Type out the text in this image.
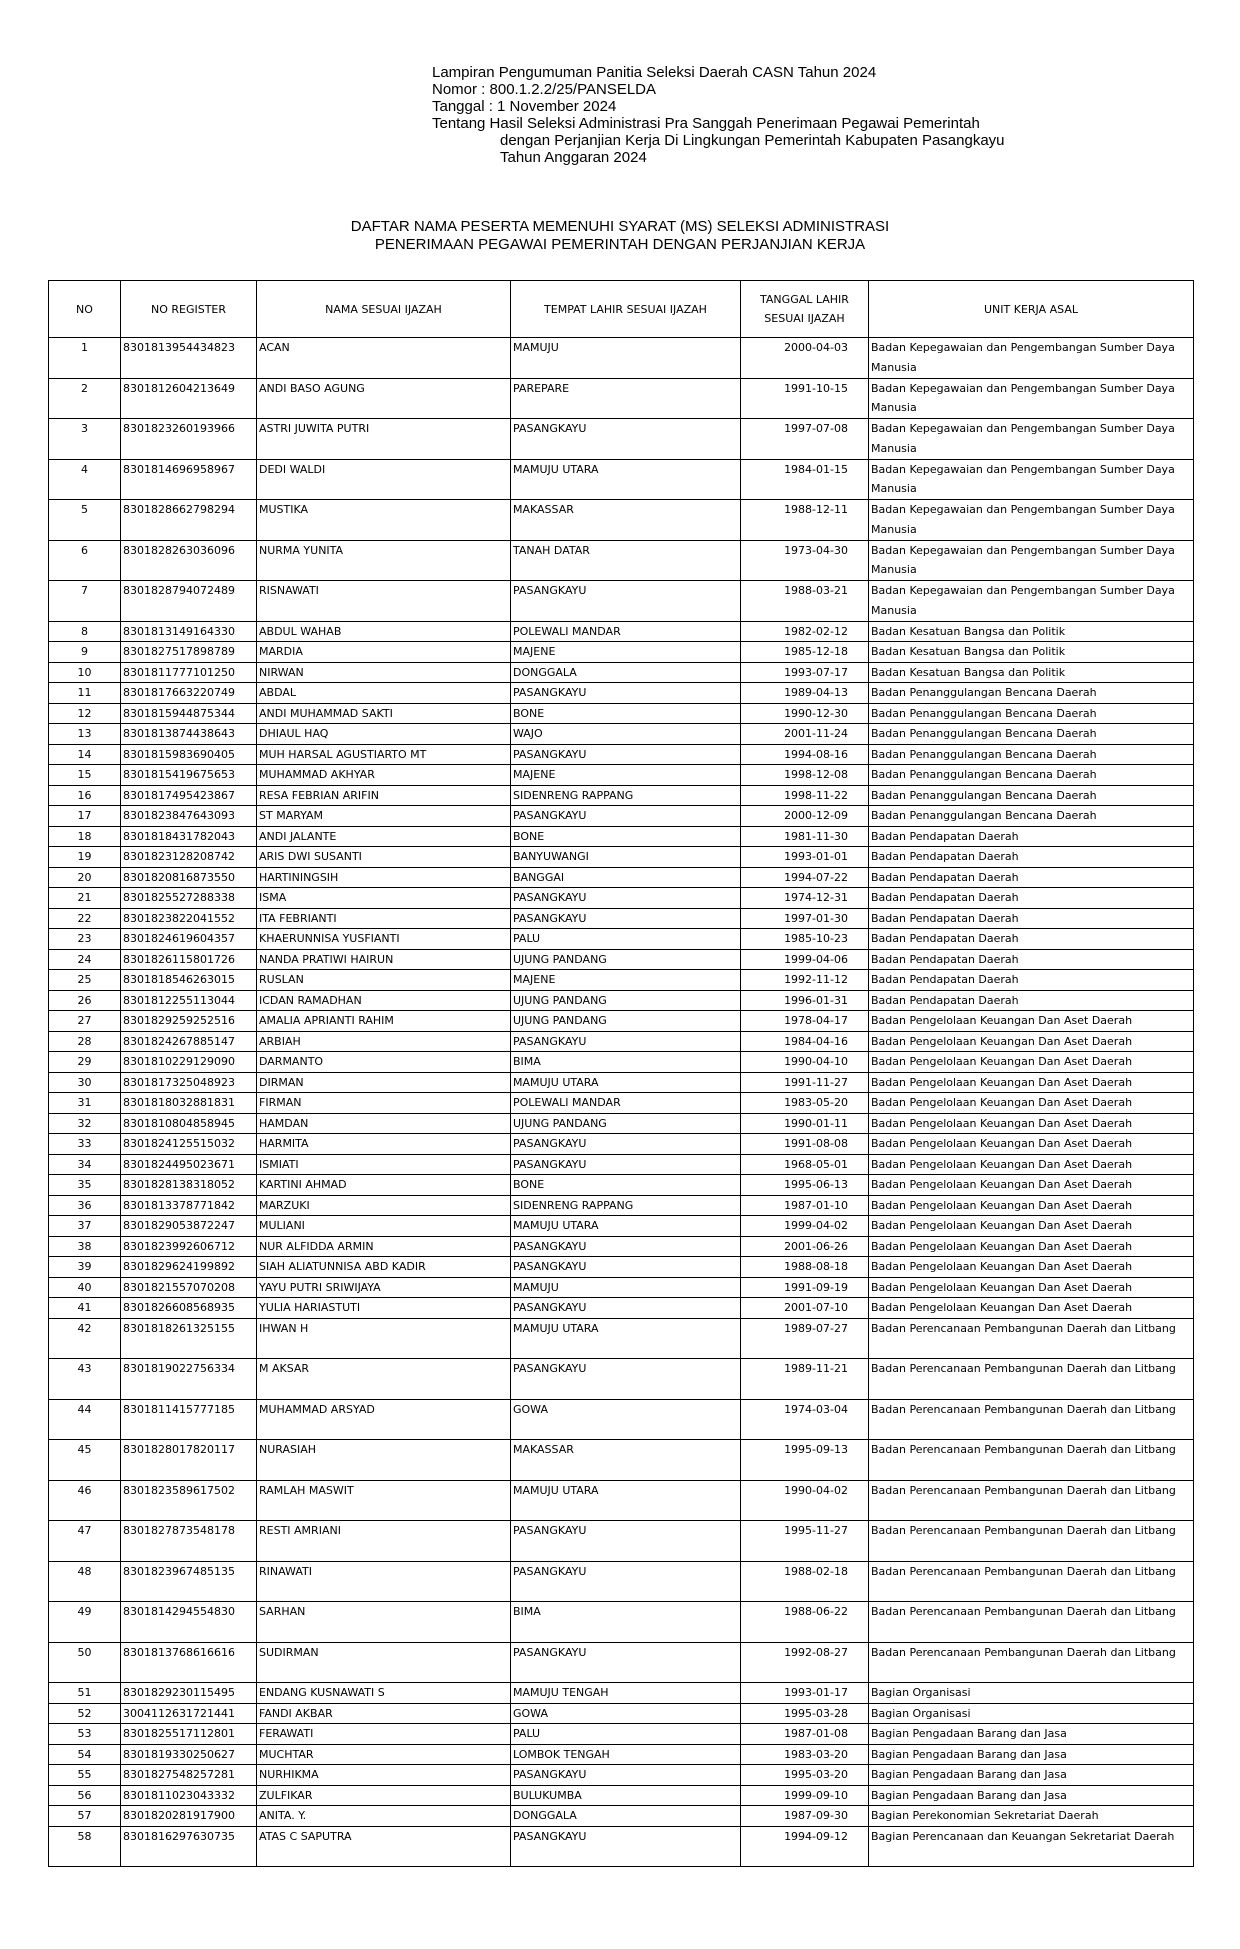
Lampiran Pengumuman Panitia Seleksi Daerah CASN Tahun 2024
Nomor : 800.1.2.2/25/PANSELDA
Tanggal : 1 November 2024
Tentang Hasil Seleksi Administrasi Pra Sanggah Penerimaan Pegawai Pemerintah
dengan Perjanjian Kerja Di Lingkungan Pemerintah Kabupaten Pasangkayu
Tahun Anggaran 2024
DAFTAR NAMA PESERTA MEMENUHI SYARAT (MS) SELEKSI ADMINISTRASI
PENERIMAAN PEGAWAI PEMERINTAH DENGAN PERJANJIAN KERJA
NO	NO REGISTER	NAMA SESUAI IJAZAH	TEMPAT LAHIR SESUAI IJAZAH	TANGGAL LAHIR SESUAI IJAZAH	UNIT KERJA ASAL
1	8301813954434823	ACAN	MAMUJU	2000-04-03	Badan Kepegawaian dan Pengembangan Sumber Daya Manusia
2	8301812604213649	ANDI BASO AGUNG	PAREPARE	1991-10-15	Badan Kepegawaian dan Pengembangan Sumber Daya Manusia
3	8301823260193966	ASTRI JUWITA PUTRI	PASANGKAYU	1997-07-08	Badan Kepegawaian dan Pengembangan Sumber Daya Manusia
4	8301814696958967	DEDI WALDI	MAMUJU UTARA	1984-01-15	Badan Kepegawaian dan Pengembangan Sumber Daya Manusia
5	8301828662798294	MUSTIKA	MAKASSAR	1988-12-11	Badan Kepegawaian dan Pengembangan Sumber Daya Manusia
6	8301828263036096	NURMA YUNITA	TANAH DATAR	1973-04-30	Badan Kepegawaian dan Pengembangan Sumber Daya Manusia
7	8301828794072489	RISNAWATI	PASANGKAYU	1988-03-21	Badan Kepegawaian dan Pengembangan Sumber Daya Manusia
8	8301813149164330	ABDUL WAHAB	POLEWALI MANDAR	1982-02-12	Badan Kesatuan Bangsa dan Politik
9	8301827517898789	MARDIA	MAJENE	1985-12-18	Badan Kesatuan Bangsa dan Politik
10	8301811777101250	NIRWAN	DONGGALA	1993-07-17	Badan Kesatuan Bangsa dan Politik
11	8301817663220749	ABDAL	PASANGKAYU	1989-04-13	Badan Penanggulangan Bencana Daerah
12	8301815944875344	ANDI MUHAMMAD SAKTI	BONE	1990-12-30	Badan Penanggulangan Bencana Daerah
13	8301813874438643	DHIAUL HAQ	WAJO	2001-11-24	Badan Penanggulangan Bencana Daerah
14	8301815983690405	MUH HARSAL AGUSTIARTO MT	PASANGKAYU	1994-08-16	Badan Penanggulangan Bencana Daerah
15	8301815419675653	MUHAMMAD AKHYAR	MAJENE	1998-12-08	Badan Penanggulangan Bencana Daerah
16	8301817495423867	RESA FEBRIAN ARIFIN	SIDENRENG RAPPANG	1998-11-22	Badan Penanggulangan Bencana Daerah
17	8301823847643093	ST MARYAM	PASANGKAYU	2000-12-09	Badan Penanggulangan Bencana Daerah
18	8301818431782043	ANDI JALANTE	BONE	1981-11-30	Badan Pendapatan Daerah
19	8301823128208742	ARIS DWI SUSANTI	BANYUWANGI	1993-01-01	Badan Pendapatan Daerah
20	8301820816873550	HARTININGSIH	BANGGAI	1994-07-22	Badan Pendapatan Daerah
21	8301825527288338	ISMA	PASANGKAYU	1974-12-31	Badan Pendapatan Daerah
22	8301823822041552	ITA FEBRIANTI	PASANGKAYU	1997-01-30	Badan Pendapatan Daerah
23	8301824619604357	KHAERUNNISA YUSFIANTI	PALU	1985-10-23	Badan Pendapatan Daerah
24	8301826115801726	NANDA PRATIWI HAIRUN	UJUNG PANDANG	1999-04-06	Badan Pendapatan Daerah
25	8301818546263015	RUSLAN	MAJENE	1992-11-12	Badan Pendapatan Daerah
26	8301812255113044	ICDAN RAMADHAN	UJUNG PANDANG	1996-01-31	Badan Pendapatan Daerah
27	8301829259252516	AMALIA APRIANTI RAHIM	UJUNG PANDANG	1978-04-17	Badan Pengelolaan Keuangan Dan Aset Daerah
28	8301824267885147	ARBIAH	PASANGKAYU	1984-04-16	Badan Pengelolaan Keuangan Dan Aset Daerah
29	8301810229129090	DARMANTO	BIMA	1990-04-10	Badan Pengelolaan Keuangan Dan Aset Daerah
30	8301817325048923	DIRMAN	MAMUJU UTARA	1991-11-27	Badan Pengelolaan Keuangan Dan Aset Daerah
31	8301818032881831	FIRMAN	POLEWALI MANDAR	1983-05-20	Badan Pengelolaan Keuangan Dan Aset Daerah
32	8301810804858945	HAMDAN	UJUNG PANDANG	1990-01-11	Badan Pengelolaan Keuangan Dan Aset Daerah
33	8301824125515032	HARMITA	PASANGKAYU	1991-08-08	Badan Pengelolaan Keuangan Dan Aset Daerah
34	8301824495023671	ISMIATI	PASANGKAYU	1968-05-01	Badan Pengelolaan Keuangan Dan Aset Daerah
35	8301828138318052	KARTINI AHMAD	BONE	1995-06-13	Badan Pengelolaan Keuangan Dan Aset Daerah
36	8301813378771842	MARZUKI	SIDENRENG RAPPANG	1987-01-10	Badan Pengelolaan Keuangan Dan Aset Daerah
37	8301829053872247	MULIANI	MAMUJU UTARA	1999-04-02	Badan Pengelolaan Keuangan Dan Aset Daerah
38	8301823992606712	NUR ALFIDDA ARMIN	PASANGKAYU	2001-06-26	Badan Pengelolaan Keuangan Dan Aset Daerah
39	8301829624199892	SIAH ALIATUNNISA ABD KADIR	PASANGKAYU	1988-08-18	Badan Pengelolaan Keuangan Dan Aset Daerah
40	8301821557070208	YAYU PUTRI SRIWIJAYA	MAMUJU	1991-09-19	Badan Pengelolaan Keuangan Dan Aset Daerah
41	8301826608568935	YULIA HARIASTUTI	PASANGKAYU	2001-07-10	Badan Pengelolaan Keuangan Dan Aset Daerah
42	8301818261325155	IHWAN H	MAMUJU UTARA	1989-07-27	Badan Perencanaan Pembangunan Daerah dan Litbang
43	8301819022756334	M AKSAR	PASANGKAYU	1989-11-21	Badan Perencanaan Pembangunan Daerah dan Litbang
44	8301811415777185	MUHAMMAD ARSYAD	GOWA	1974-03-04	Badan Perencanaan Pembangunan Daerah dan Litbang
45	8301828017820117	NURASIAH	MAKASSAR	1995-09-13	Badan Perencanaan Pembangunan Daerah dan Litbang
46	8301823589617502	RAMLAH MASWIT	MAMUJU UTARA	1990-04-02	Badan Perencanaan Pembangunan Daerah dan Litbang
47	8301827873548178	RESTI AMRIANI	PASANGKAYU	1995-11-27	Badan Perencanaan Pembangunan Daerah dan Litbang
48	8301823967485135	RINAWATI	PASANGKAYU	1988-02-18	Badan Perencanaan Pembangunan Daerah dan Litbang
49	8301814294554830	SARHAN	BIMA	1988-06-22	Badan Perencanaan Pembangunan Daerah dan Litbang
50	8301813768616616	SUDIRMAN	PASANGKAYU	1992-08-27	Badan Perencanaan Pembangunan Daerah dan Litbang
51	8301829230115495	ENDANG KUSNAWATI S	MAMUJU TENGAH	1993-01-17	Bagian Organisasi
52	3004112631721441	FANDI AKBAR	GOWA	1995-03-28	Bagian Organisasi
53	8301825517112801	FERAWATI	PALU	1987-01-08	Bagian Pengadaan Barang dan Jasa
54	8301819330250627	MUCHTAR	LOMBOK TENGAH	1983-03-20	Bagian Pengadaan Barang dan Jasa
55	8301827548257281	NURHIKMA	PASANGKAYU	1995-03-20	Bagian Pengadaan Barang dan Jasa
56	8301811023043332	ZULFIKAR	BULUKUMBA	1999-09-10	Bagian Pengadaan Barang dan Jasa
57	8301820281917900	ANITA. Y.	DONGGALA	1987-09-30	Bagian Perekonomian Sekretariat Daerah
58	8301816297630735	ATAS C SAPUTRA	PASANGKAYU	1994-09-12	Bagian Perencanaan dan Keuangan Sekretariat Daerah
